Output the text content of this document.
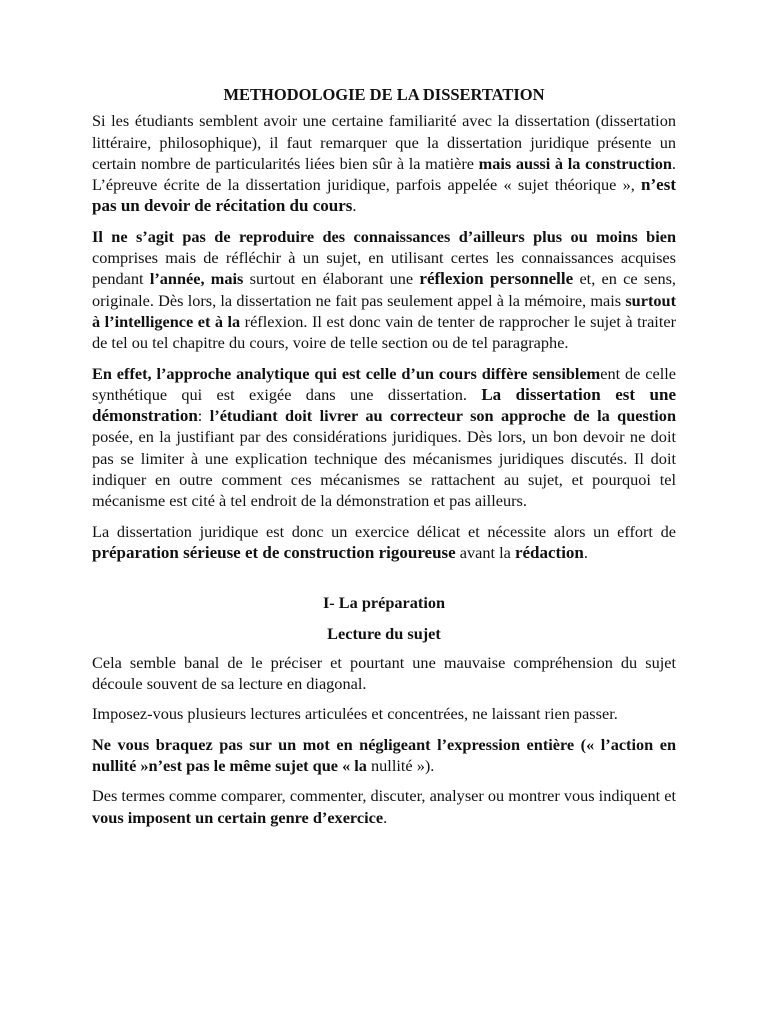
METHODOLOGIE DE LA DISSERTATION

Si les étudiants semblent avoir une certaine familiarité avec la dissertation (dissertation littéraire, philosophique), il faut remarquer que la dissertation juridique présente un certain nombre de particularités liées bien sûr à la matière mais aussi à la construction. L’épreuve écrite de la dissertation juridique, parfois appelée « sujet théorique », n’est pas un devoir de récitation du cours.

Il ne s’agit pas de reproduire des connaissances d’ailleurs plus ou moins bien comprises mais de réfléchir à un sujet, en utilisant certes les connaissances acquises pendant l’année, mais surtout en élaborant une réflexion personnelle et, en ce sens, originale. Dès lors, la dissertation ne fait pas seulement appel à la mémoire, mais surtout à l’intelligence et à la réflexion. Il est donc vain de tenter de rapprocher le sujet à traiter de tel ou tel chapitre du cours, voire de telle section ou de tel paragraphe.

En effet, l’approche analytique qui est celle d’un cours diffère sensiblement de celle synthétique qui est exigée dans une dissertation. La dissertation est une démonstration: l’étudiant doit livrer au correcteur son approche de la question posée, en la justifiant par des considérations juridiques. Dès lors, un bon devoir ne doit pas se limiter à une explication technique des mécanismes juridiques discutés. Il doit indiquer en outre comment ces mécanismes se rattachent au sujet, et pourquoi tel mécanisme est cité à tel endroit de la démonstration et pas ailleurs.

La dissertation juridique est donc un exercice délicat et nécessite alors un effort de préparation sérieuse et de construction rigoureuse avant la rédaction.

I- La préparation
Lecture du sujet

Cela semble banal de le préciser et pourtant une mauvaise compréhension du sujet découle souvent de sa lecture en diagonal.

Imposez-vous plusieurs lectures articulées et concentrées, ne laissant rien passer.

Ne vous braquez pas sur un mot en négligeant l’expression entière (« l’action en nullité »n’est pas le même sujet que « la nullité »).

Des termes comme comparer, commenter, discuter, analyser ou montrer vous indiquent et vous imposent un certain genre d’exercice.
